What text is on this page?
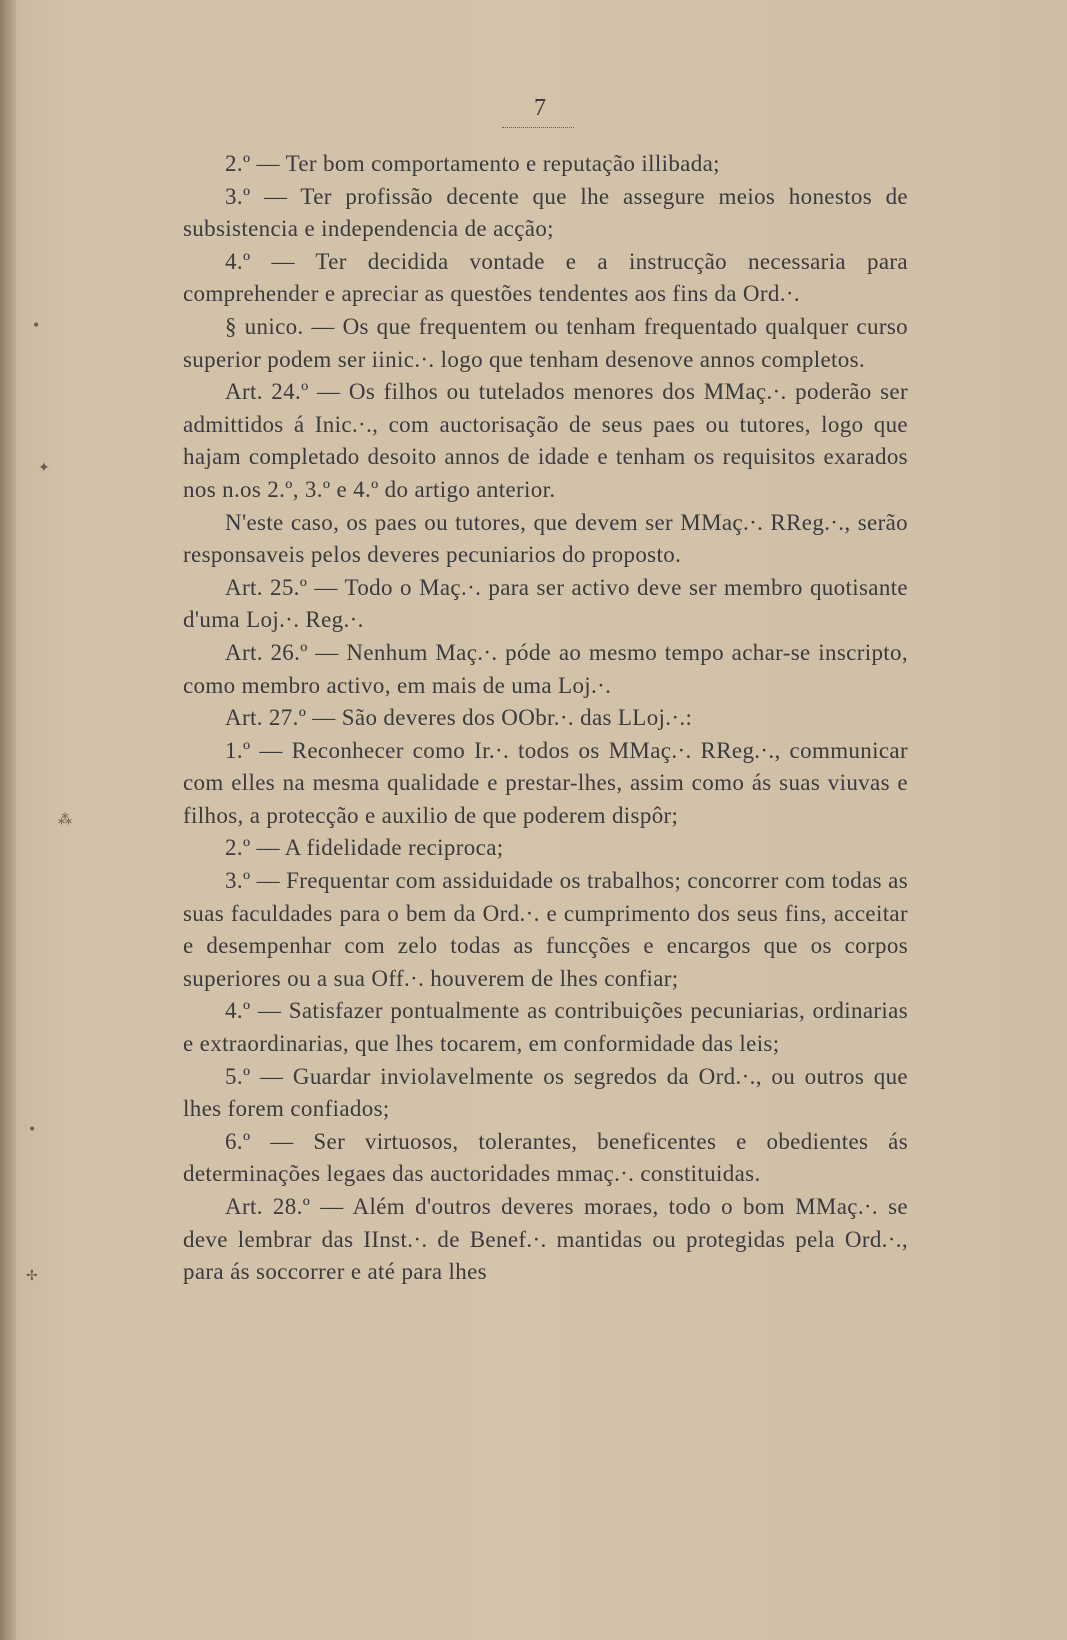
•
✦
⁂
•
✢
7

2.º — Ter bom comportamento e reputação illibada;

3.º — Ter profissão decente que lhe assegure meios honestos de subsistencia e independencia de acção;

4.º — Ter decidida vontade e a instrucção necessaria para comprehender e apreciar as questões tendentes aos fins da Ord.·.

§ unico. — Os que frequentem ou tenham frequentado qualquer curso superior podem ser iinic.·. logo que tenham desenove annos completos.

Art. 24.º — Os filhos ou tutelados menores dos MMaç.·. poderão ser admittidos á Inic.·., com auctorisação de seus paes ou tutores, logo que hajam completado desoito annos de idade e tenham os requisitos exarados nos n.os 2.º, 3.º e 4.º do artigo anterior.

N'este caso, os paes ou tutores, que devem ser MMaç.·. RReg.·., serão responsaveis pelos deveres pecuniarios do proposto.

Art. 25.º — Todo o Maç.·. para ser activo deve ser membro quotisante d'uma Loj.·. Reg.·.

Art. 26.º — Nenhum Maç.·. póde ao mesmo tempo achar-se inscripto, como membro activo, em mais de uma Loj.·.

Art. 27.º — São deveres dos OObr.·. das LLoj.·.:

1.º — Reconhecer como Ir.·. todos os MMaç.·. RReg.·., communicar com elles na mesma qualidade e prestar-lhes, assim como ás suas viuvas e filhos, a protecção e auxilio de que poderem dispôr;

2.º — A fidelidade reciproca;

3.º — Frequentar com assiduidade os trabalhos; concorrer com todas as suas faculdades para o bem da Ord.·. e cumprimento dos seus fins, acceitar e desempenhar com zelo todas as funcções e encargos que os corpos superiores ou a sua Off.·. houverem de lhes confiar;

4.º — Satisfazer pontualmente as contribuições pecuniarias, ordinarias e extraordinarias, que lhes tocarem, em conformidade das leis;

5.º — Guardar inviolavelmente os segredos da Ord.·., ou outros que lhes forem confiados;

6.º — Ser virtuosos, tolerantes, beneficentes e obedientes ás determinações legaes das auctoridades mmaç.·. constituidas.

Art. 28.º — Além d'outros deveres moraes, todo o bom MMaç.·. se deve lembrar das IInst.·. de Benef.·. mantidas ou protegidas pela Ord.·., para ás soccorrer e até para lhes
